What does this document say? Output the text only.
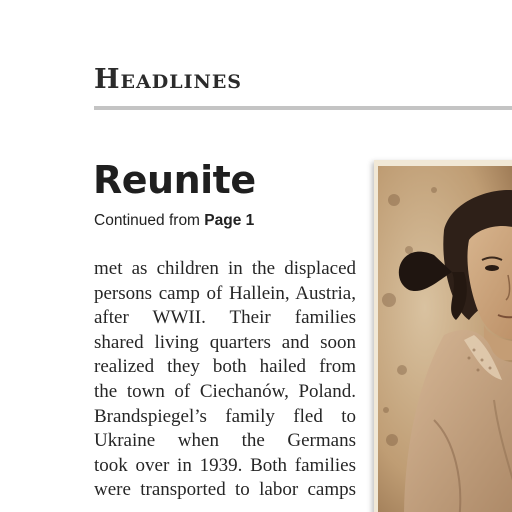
Headlines
Reunite
Continued from Page 1
met as children in the displaced
persons camp of Hallein, Austria,
after WWII. Their families
shared living quarters and soon
realized they both hailed from
the town of Ciechanów, Poland.
Brandspiegel’s family fled to
Ukraine when the Germans
took over in 1939. Both families
were transported to labor camps
